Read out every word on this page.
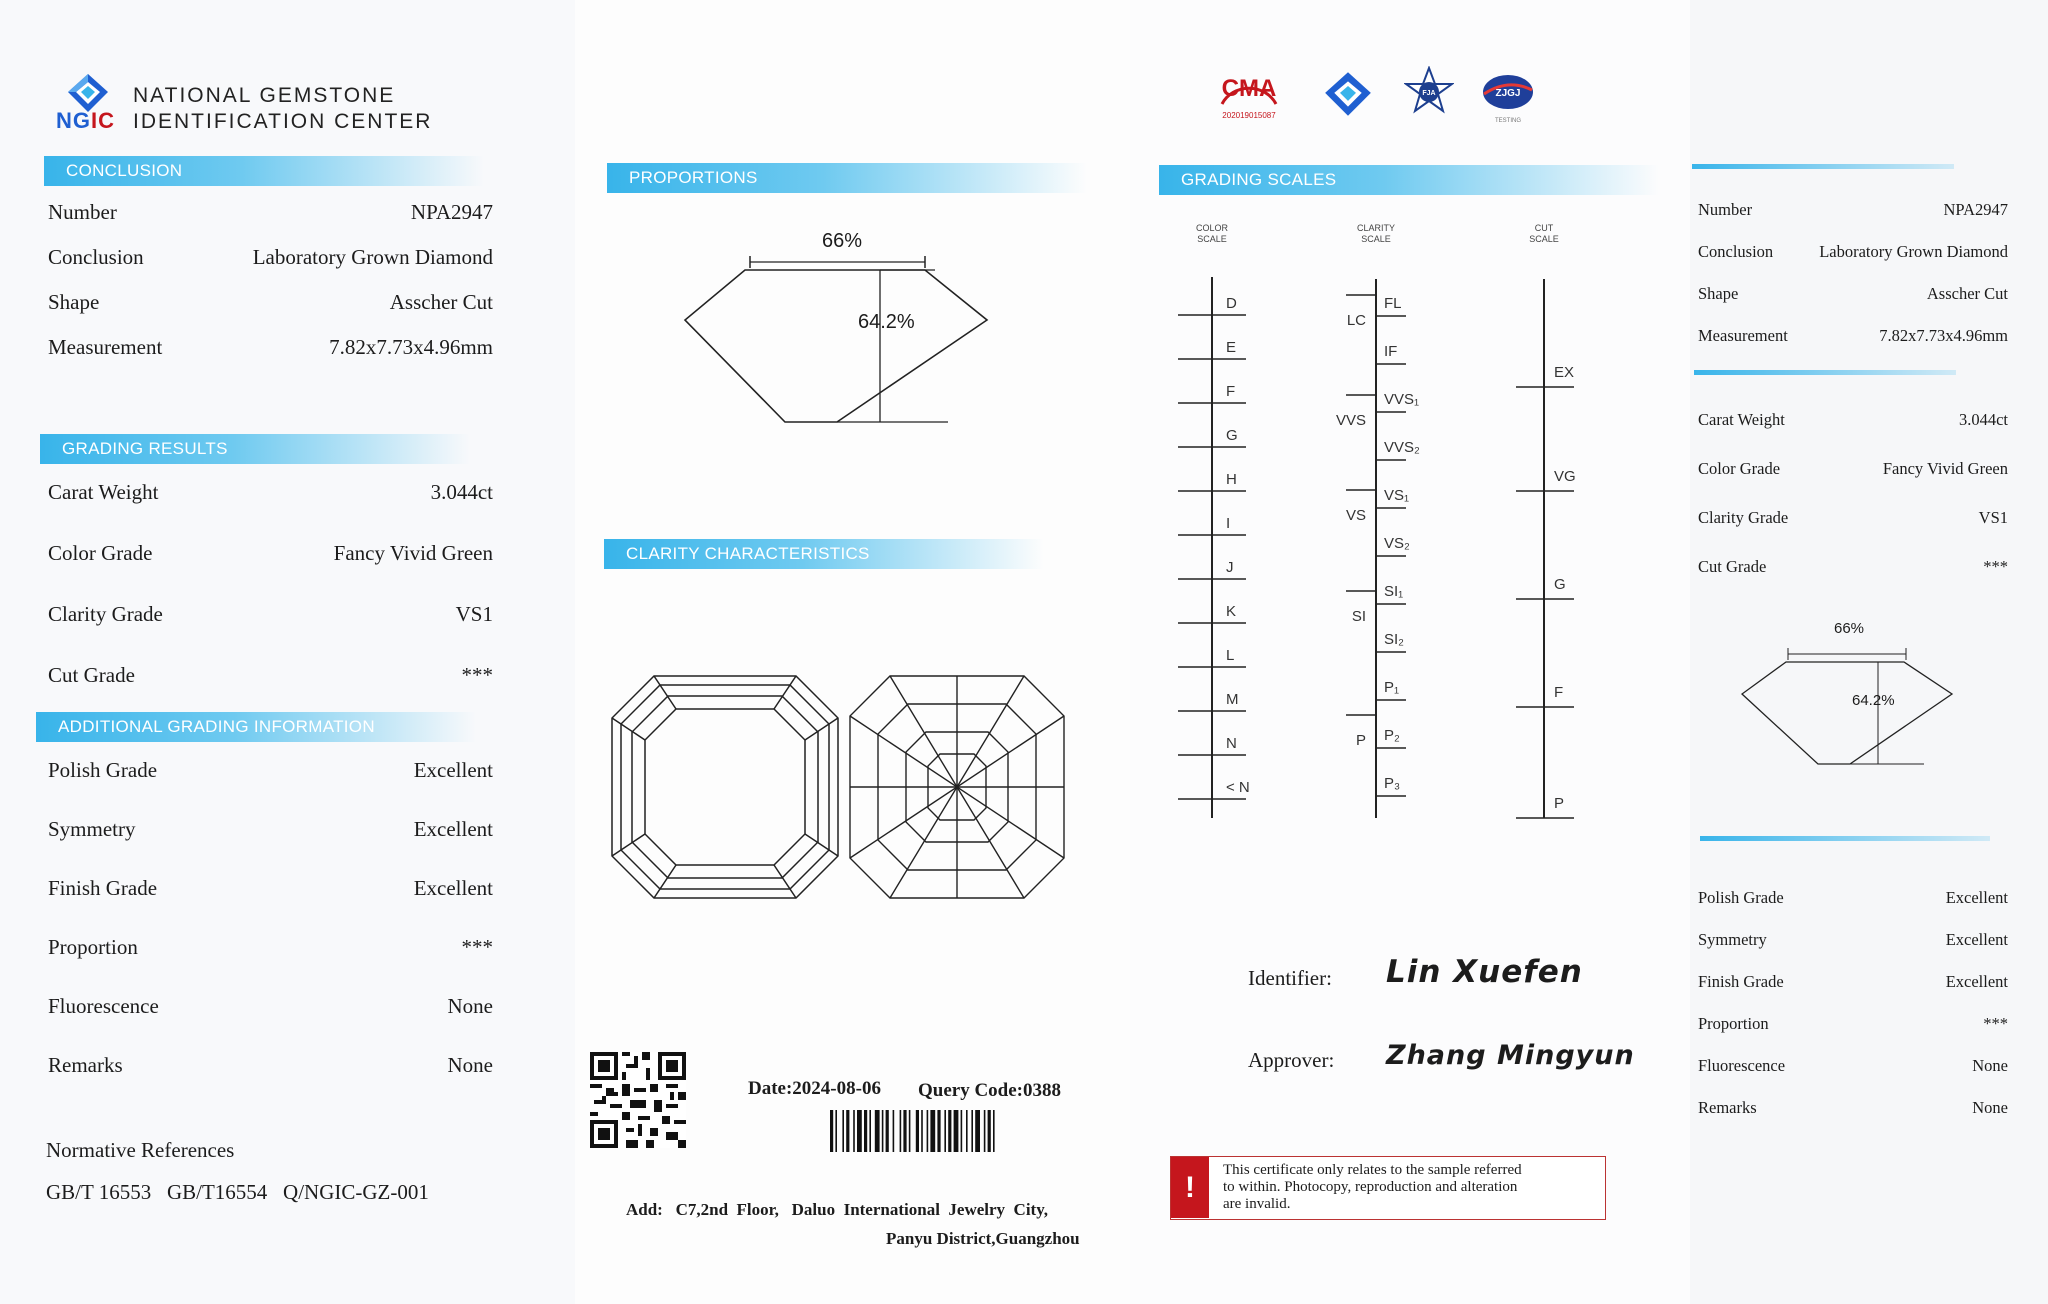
NGIC
NATIONAL GEMSTONE
IDENTIFICATION CENTER
CONCLUSION
Number	NPA2947
Conclusion	Laboratory Grown Diamond
Shape	Asscher Cut
Measurement	7.82x7.73x4.96mm
GRADING RESULTS
Carat Weight	3.044ct
Color Grade	Fancy Vivid Green
Clarity Grade	VS1
Cut Grade	***
ADDITIONAL GRADING INFORMATION
Polish Grade	Excellent
Symmetry	Excellent
Finish Grade	Excellent
Proportion	***
Fluorescence	None
Remarks	None
Normative References
GB/T 16553   GB/T16554   Q/NGIC-GZ-001
PROPORTIONS
66%
64.2%
CLARITY CHARACTERISTICS
Date:2024-08-06 Query Code:0388
Add:   C7,2nd  Floor,   Daluo  International  Jewelry  City,
Panyu District,Guangzhou
CMA
202019015087
FJA	ZJGJ
TESTING
GRADING SCALES
COLOR
SCALE
CLARITY
SCALE
CUT
SCALE
D
E
F
G
H
I
J
K
L
M
N
< N
FL
IF
VVS₁
VVS₂
VS₁
VS₂
SI₁
SI₂
P₁
P₂
P₃
LC
VVS
VS
SI
P
EX
VG
G
F
P
Identifier: Lin Xuefen
Approver: Zhang Mingyun
!
This certificate only relates to the sample referred
to within. Photocopy, reproduction and alteration
are invalid.
Number	NPA2947
Conclusion	Laboratory Grown Diamond
Shape	Asscher Cut
Measurement	7.82x7.73x4.96mm
Carat Weight	3.044ct
Color Grade	Fancy Vivid Green
Clarity Grade	VS1
Cut Grade	***
66%
64.2%
Polish Grade	Excellent
Symmetry	Excellent
Finish Grade	Excellent
Proportion	***
Fluorescence	None
Remarks	None
